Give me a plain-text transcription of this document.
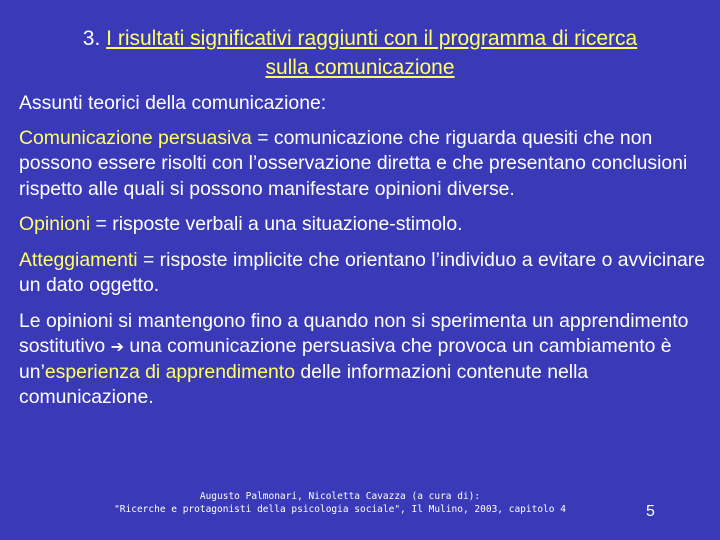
3. I risultati significativi raggiunti con il programma di ricerca
sulla comunicazione

Assunti teorici della comunicazione:

Comunicazione persuasiva = comunicazione che riguarda quesiti che non possono essere risolti con l’osservazione diretta e che presentano conclusioni rispetto alle quali si possono manifestare opinioni diverse.

Opinioni = risposte verbali a una situazione-stimolo.

Atteggiamenti = risposte implicite che orientano l’individuo a evitare o avvicinare un dato oggetto.

Le opinioni si mantengono fino a quando non si sperimenta un apprendimento sostitutivo ➔ una comunicazione persuasiva che provoca un cambiamento è un’esperienza di apprendimento delle informazioni contenute nella comunicazione.

Augusto Palmonari, Nicoletta Cavazza (a cura di):
"Ricerche e protagonisti della psicologia sociale", Il Mulino, 2003, capitolo 4	5
